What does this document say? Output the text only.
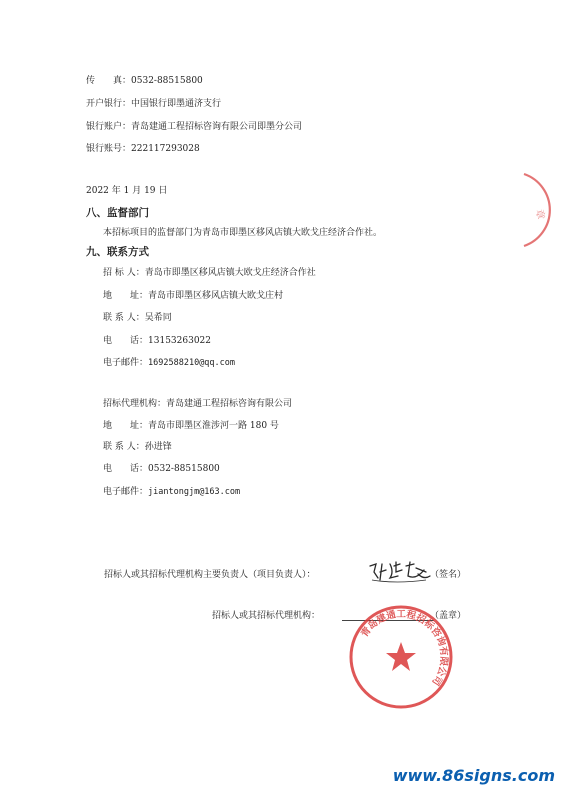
传　　真：0532-88515800
开户银行：中国银行即墨通济支行
银行账户：青岛建通工程招标咨询有限公司即墨分公司
银行账号：222117293028
2022 年 1 月 19 日
八、监督部门
本招标项目的监督部门为青岛市即墨区移风店镇大欧戈庄经济合作社。
九、联系方式
招 标 人：青岛市即墨区移风店镇大欧戈庄经济合作社
地　　址：青岛市即墨区移风店镇大欧戈庄村
联 系 人：吴希同
电　　话：13153263022
电子邮件：1692588210@qq.com
招标代理机构：青岛建通工程招标咨询有限公司
地　　址：青岛市即墨区淮涉河一路 180 号
联 系 人：孙进锋
电　　话：0532-88515800
电子邮件：jiantongjm@163.com
招标人或其招标代理机构主要负责人（项目负责人）：	（签名）
招标人或其招标代理机构：	（盖章）
青岛建通工程招标咨询有限公司
章
www.86signs.com
